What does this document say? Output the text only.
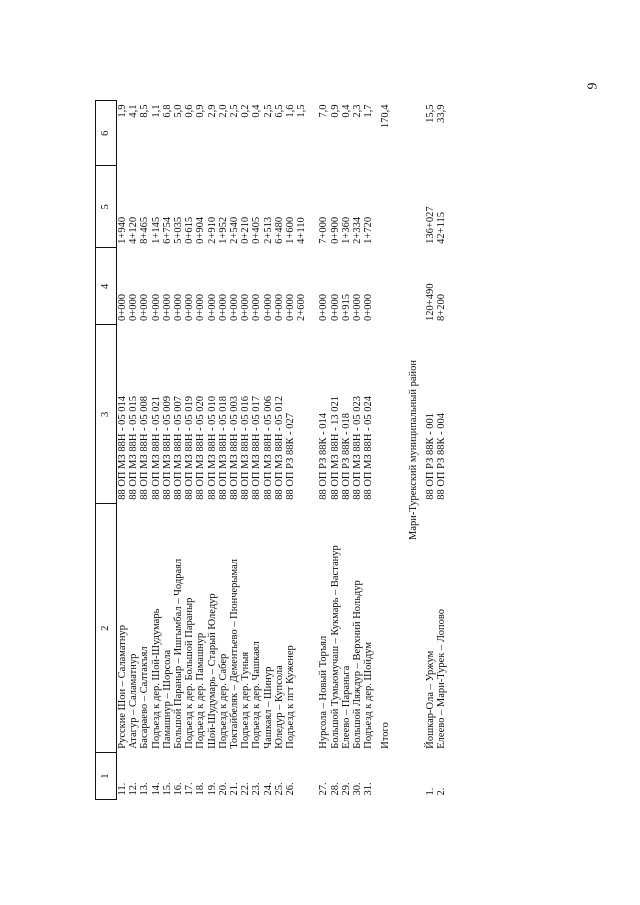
9
1	2	3	4	5	6
11.	Русские Шои – Саламатнур	88 ОП МЗ 88Н - 05 014	0+000	1+940	1,9
12.	Атагур – Саламатнур	88 ОП МЗ 88Н - 05 015	0+000	4+120	4,1
13.	Басараево – Салтакъял	88 ОП МЗ 88Н - 05 008	0+000	8+465	8,5
14.	Подъезд к дер. Шой-Шудумарь	88 ОП МЗ 88Н - 05 021	0+000	1+145	1,1
15.	Памашнур – Шорсола	88 ОП МЗ 88Н - 05 009	0+000	6+754	6,8
16.	Большой Параныр – Ишгымбал – Чодраял	88 ОП МЗ 88Н - 05 007	0+000	5+035	5,0
17.	Подъезд к дер. Большой Параныр	88 ОП МЗ 88Н - 05 019	0+000	0+615	0,6
18.	Подъезд к дер. Памашнур	88 ОП МЗ 88Н - 05 020	0+000	0+904	0,9
19.	Шой-Шудумарь – Старый Юледур	88 ОП МЗ 88Н - 05 010	0+000	2+910	2,9
20.	Подъезд к дер. Сабер	88 ОП МЗ 88Н - 05 018	0+000	1+952	2,0
21.	Токтайбеляк – Дементьево – Пюнчерымал	88 ОП МЗ 88Н - 05 003	0+000	2+540	2,5
22.	Подъезд к дер. Туныя	88 ОП МЗ 88Н - 05 016	0+000	0+210	0,2
23.	Подъезд к дер. Чашкаял	88 ОП МЗ 88Н - 05 017	0+000	0+405	0,4
24.	Чашкаял – Шинур	88 ОП МЗ 88Н - 05 006	0+000	2+513	2,5
25.	Юледур – Купсола	88 ОП МЗ 88Н - 05 012	0+000	6+480	6,5
26.	Подъезд к пгт Куженер	88 ОП РЗ 88К - 027	0+000	1+600	1,6
			2+600	4+110	1,5

27.	Нурсола – Новый Торъял	88 ОП РЗ 88К - 014	0+000	7+000	7,0
28.	Большой Тумьюмучаш – Кукмарь – Вастанур	88 ОП МЗ 88Н - 13 021	0+000	0+900	0,9
29.	Елеево – Параньга	88 ОП РЗ 88К - 018	0+915	1+360	0,4
30.	Большой Ляждур – Верхний Нольдур	88 ОП МЗ 88Н - 05 023	0+000	2+334	2,3
31.	Подъезд к дер. Шойдум	88 ОП МЗ 88Н - 05 024	0+000	1+720	1,7
	Итого				170,4
Мари-Турекский муниципальный район					
1.	Йошкар-Ола – Уржум	88 ОП РЗ 88К - 001	120+490	136+027	15,5
2.	Елеево – Мари-Турек – Лопово	88 ОП РЗ 88К - 004	8+200	42+115	33,9
